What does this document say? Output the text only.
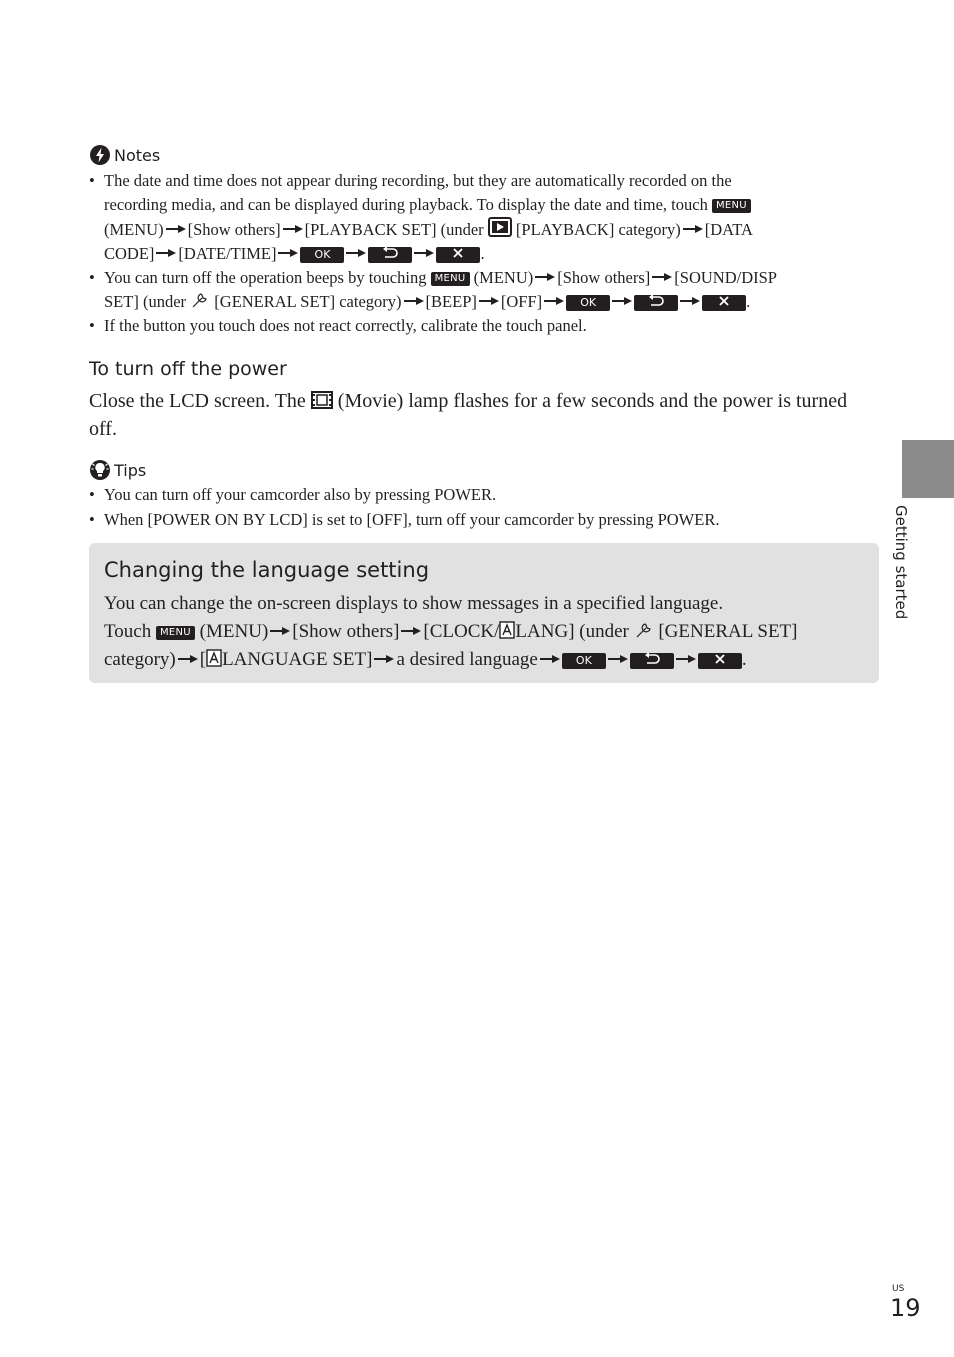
Notes
• The date and time does not appear during recording, but they are automatically recorded on the
recording media, and can be displayed during playback. To display the date and time, touch MENU
(MENU) [Show others] [PLAYBACK SET] (under [PLAYBACK] category) [DATA
CODE] [DATE/TIME]	OK	.
• You can turn off the operation beeps by touching MENU (MENU) [Show others] [SOUND/DISP
SET] (under [GENERAL SET] category) [BEEP] [OFF]	OK	.
• If the button you touch does not react correctly, calibrate the touch panel.
To turn off the power
Close the LCD screen. The (Movie) lamp flashes for a few seconds and the power is turned
off.
Tips
• You can turn off your camcorder also by pressing POWER.
• When [POWER ON BY LCD] is set to [OFF], turn off your camcorder by pressing POWER.
Changing the language setting
You can change the on-screen displays to show messages in a specified language.
Touch MENU (MENU) [Show others] [CLOCK/ LANG] (under [GENERAL SET]
category) [ LANGUAGE SET] a desired language	OK	.
Getting started
US
19
